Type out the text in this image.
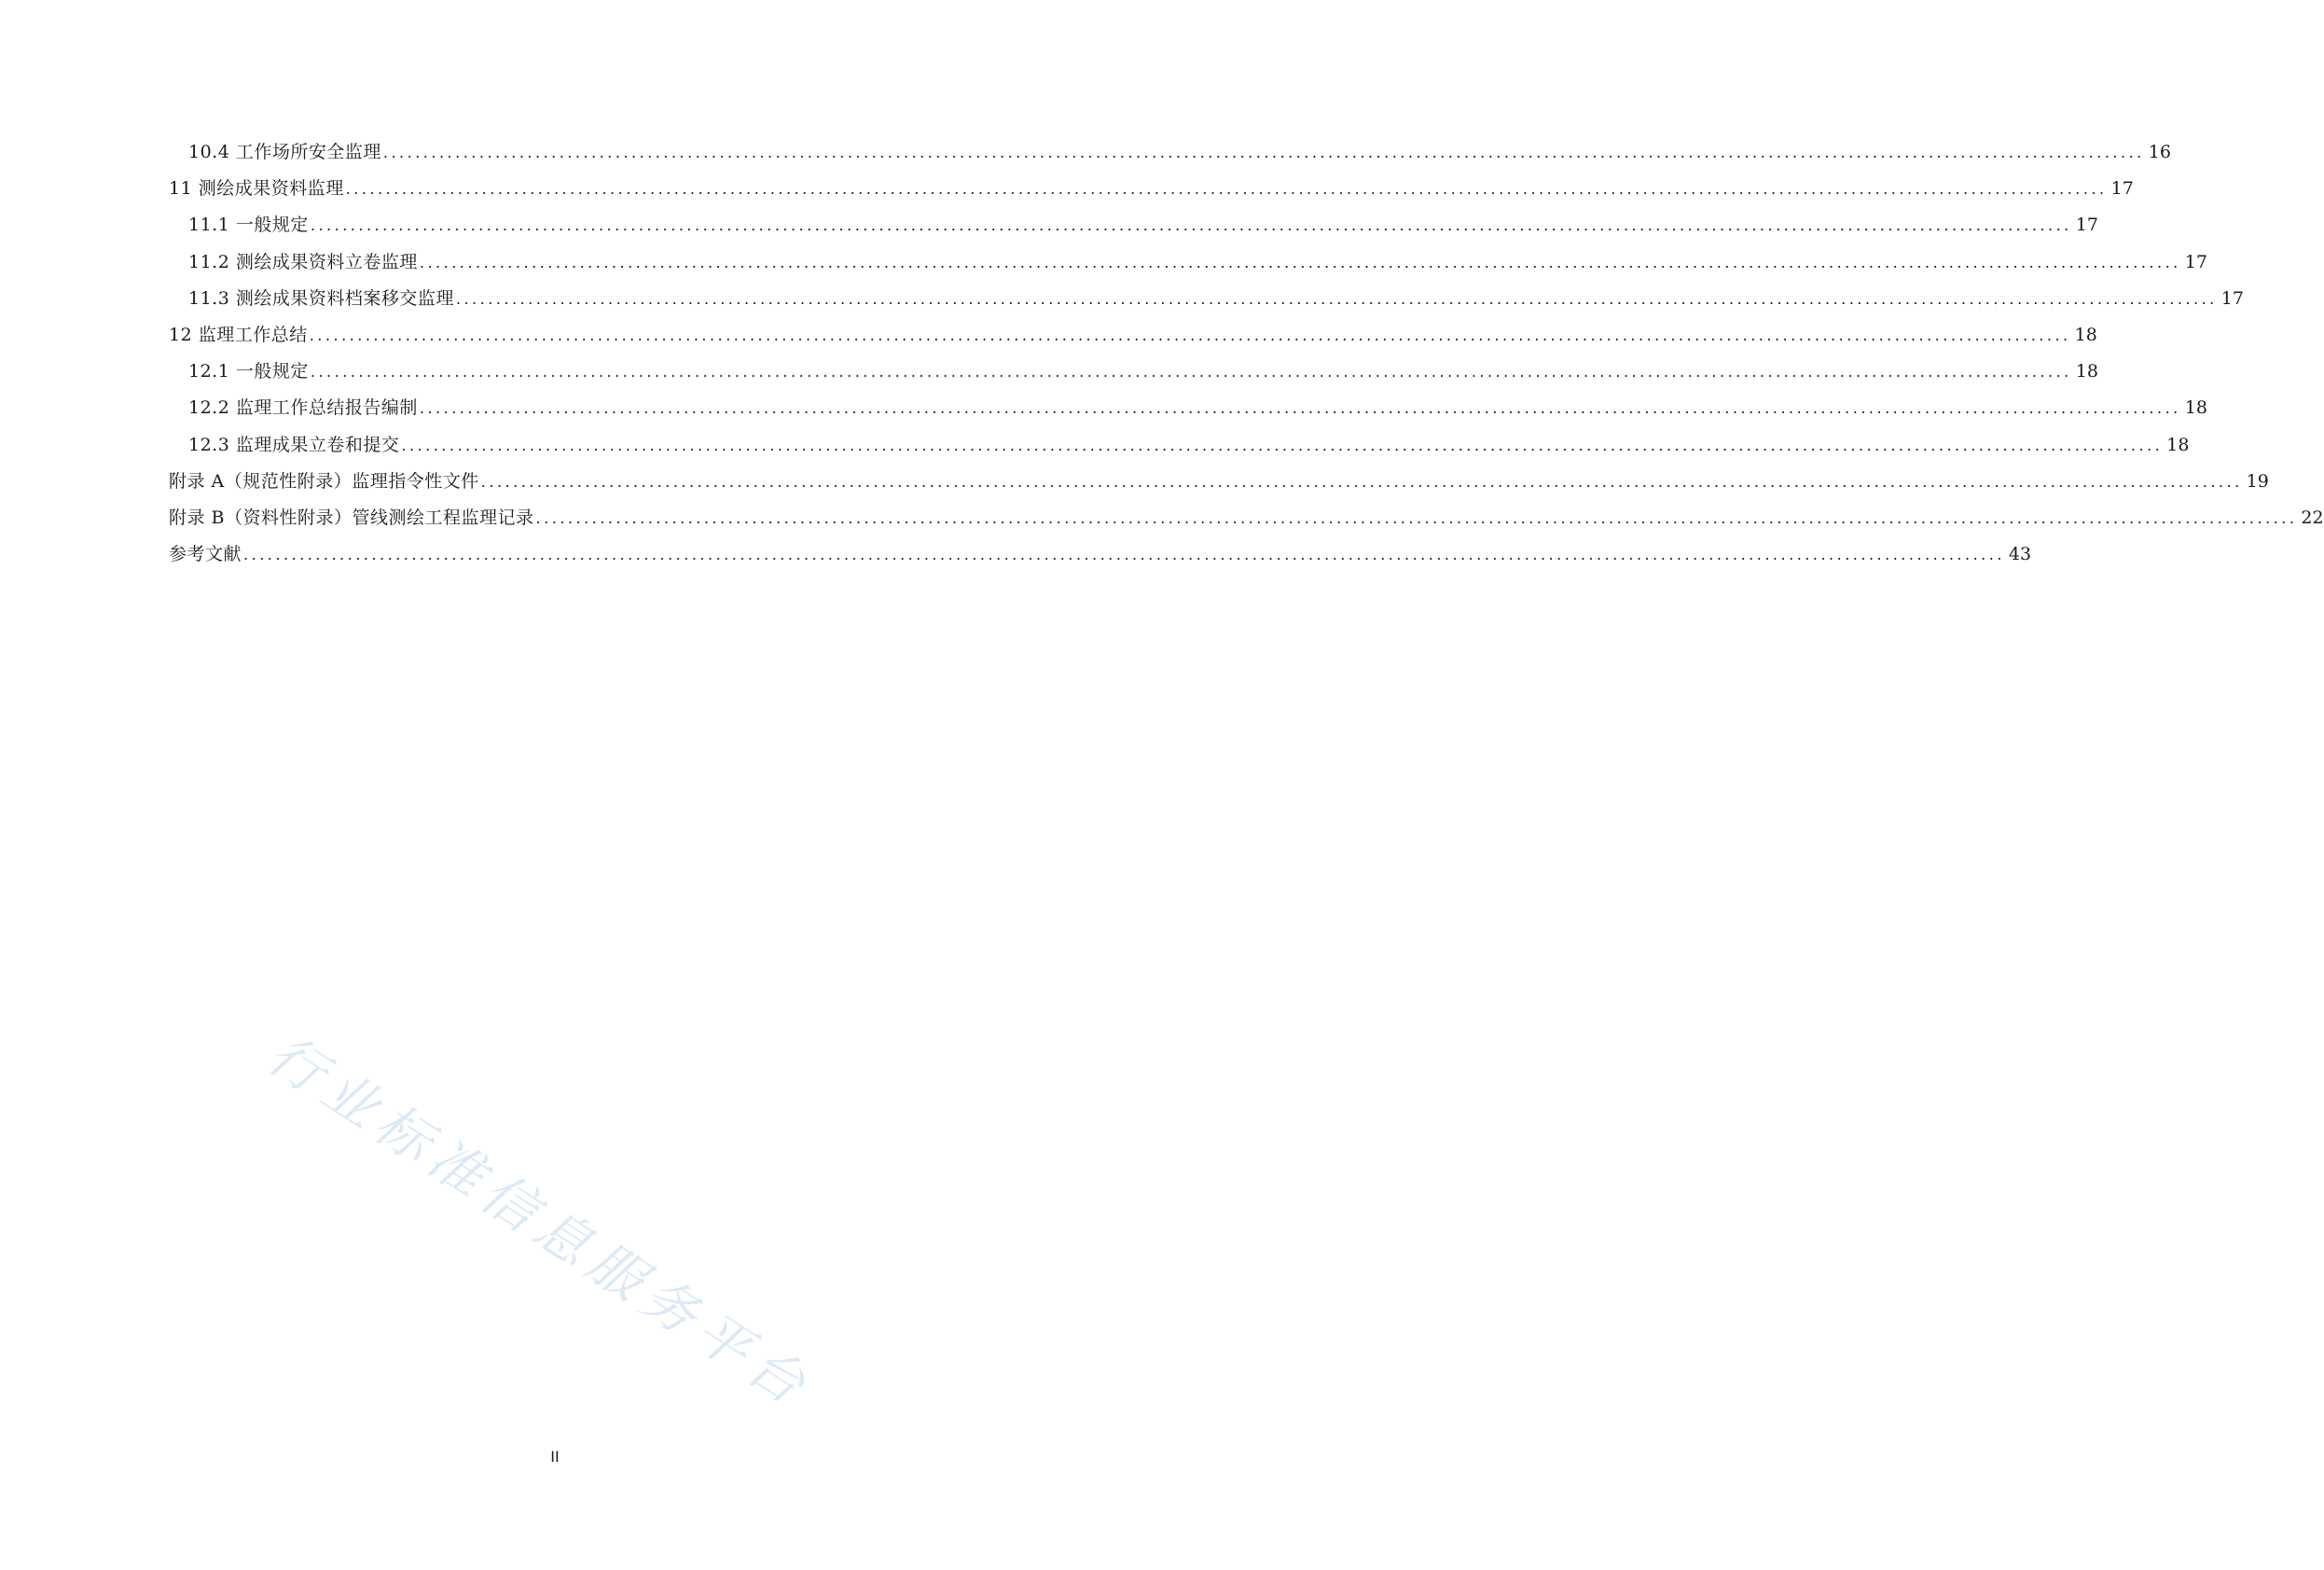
10.4 工作场所安全监理 ............................................................................................................................................................................................................................ 16
11 测绘成果资料监理 ............................................................................................................................................................................................................................ 17
11.1 一般规定 ............................................................................................................................................................................................................................ 17
11.2 测绘成果资料立卷监理 ............................................................................................................................................................................................................................ 17
11.3 测绘成果资料档案移交监理 ............................................................................................................................................................................................................................ 17
12 监理工作总结 ............................................................................................................................................................................................................................ 18
12.1 一般规定 ............................................................................................................................................................................................................................ 18
12.2 监理工作总结报告编制 ............................................................................................................................................................................................................................ 18
12.3 监理成果立卷和提交 ............................................................................................................................................................................................................................ 18
附录 A（规范性附录）监理指令性文件 ............................................................................................................................................................................................................................ 19
附录 B（资料性附录）管线测绘工程监理记录 ............................................................................................................................................................................................................................ 22
参考文献 ............................................................................................................................................................................................................................ 43
行业标准信息服务平台
II
